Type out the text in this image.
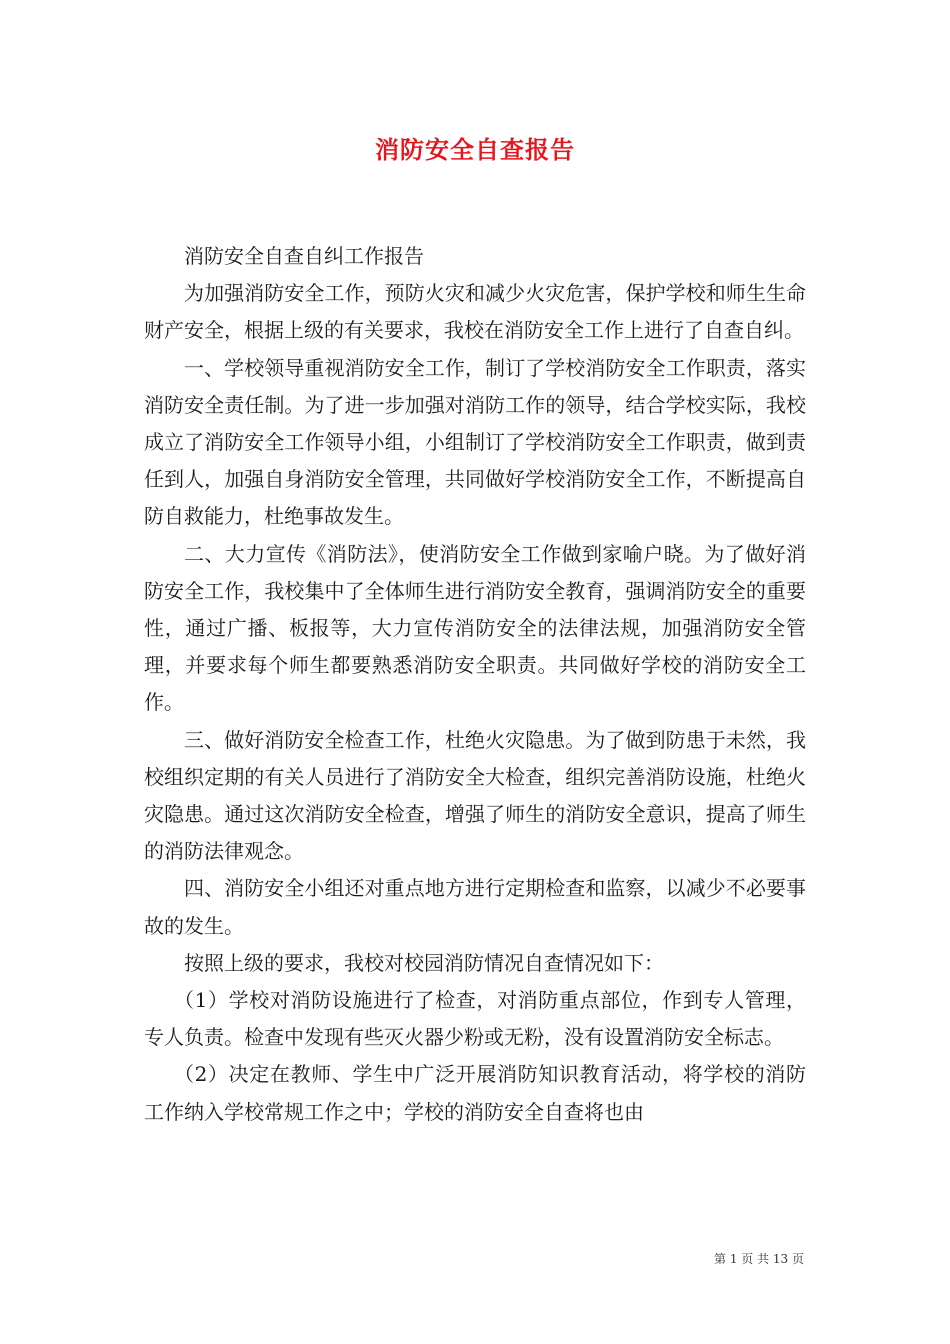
消防安全自查报告

消防安全自查自纠工作报告

为加强消防安全工作，预防火灾和减少火灾危害，保护学校和师生生命财产安全，根据上级的有关要求，我校在消防安全工作上进行了自查自纠。

一、学校领导重视消防安全工作，制订了学校消防安全工作职责，落实消防安全责任制。为了进一步加强对消防工作的领导，结合学校实际，我校成立了消防安全工作领导小组，小组制订了学校消防安全工作职责，做到责任到人，加强自身消防安全管理，共同做好学校消防安全工作，不断提高自防自救能力，杜绝事故发生。

二、大力宣传《消防法》，使消防安全工作做到家喻户晓。为了做好消防安全工作，我校集中了全体师生进行消防安全教育，强调消防安全的重要性，通过广播、板报等，大力宣传消防安全的法律法规，加强消防安全管理，并要求每个师生都要熟悉消防安全职责。共同做好学校的消防安全工作。

三、做好消防安全检查工作，杜绝火灾隐患。为了做到防患于未然，我校组织定期的有关人员进行了消防安全大检查，组织完善消防设施，杜绝火灾隐患。通过这次消防安全检查，增强了师生的消防安全意识，提高了师生的消防法律观念。

四、消防安全小组还对重点地方进行定期检查和监察，以减少不必要事故的发生。

按照上级的要求，我校对校园消防情况自查情况如下：

（1）学校对消防设施进行了检查，对消防重点部位，作到专人管理，专人负责。检查中发现有些灭火器少粉或无粉，没有设置消防安全标志。

（2）决定在教师、学生中广泛开展消防知识教育活动，将学校的消防工作纳入学校常规工作之中；学校的消防安全自查将也由

第 1 页 共 13 页
